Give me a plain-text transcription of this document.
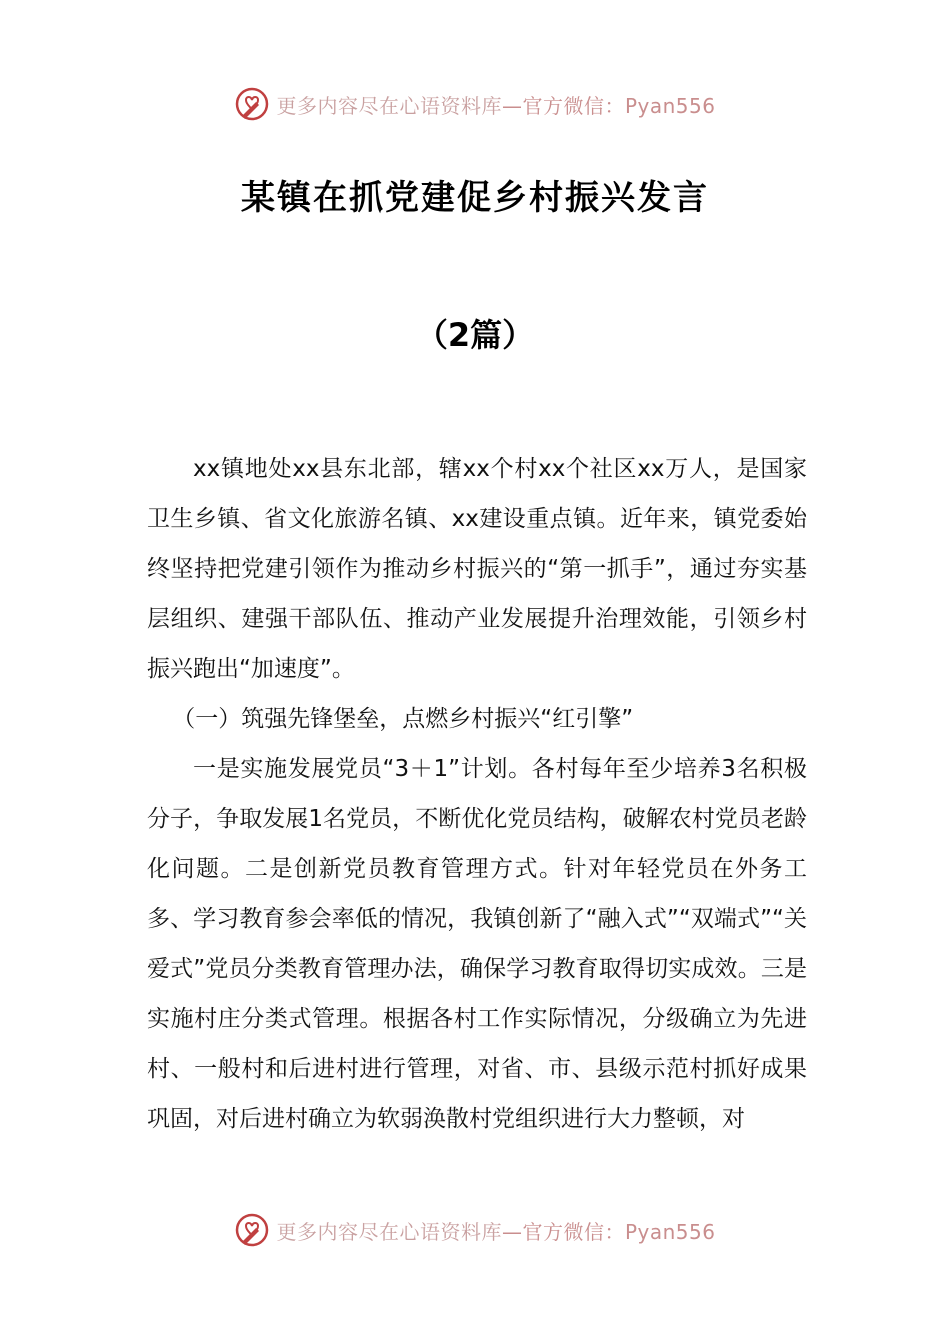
更多内容尽在心语资料库—官方微信：Pyan556
某镇在抓党建促乡村振兴发言
（2篇）

xx镇地处xx县东北部，辖xx个村xx个社区xx万人，是国家卫生乡镇、省文化旅游名镇、xx建设重点镇。近年来，镇党委始终坚持把党建引领作为推动乡村振兴的“第一抓手”，通过夯实基层组织、建强干部队伍、推动产业发展提升治理效能，引领乡村振兴跑出“加速度”。

（一）筑强先锋堡垒，点燃乡村振兴“红引擎”

一是实施发展党员“3＋1”计划。各村每年至少培养3名积极分子，争取发展1名党员，不断优化党员结构，破解农村党员老龄化问题。二是创新党员教育管理方式。针对年轻党员在外务工多、学习教育参会率低的情况，我镇创新了“融入式”“双端式”“关爱式”党员分类教育管理办法，确保学习教育取得切实成效。三是实施村庄分类式管理。根据各村工作实际情况，分级确立为先进村、一般村和后进村进行管理，对省、市、县级示范村抓好成果巩固，对后进村确立为软弱涣散村党组织进行大力整顿，对

更多内容尽在心语资料库—官方微信：Pyan556
